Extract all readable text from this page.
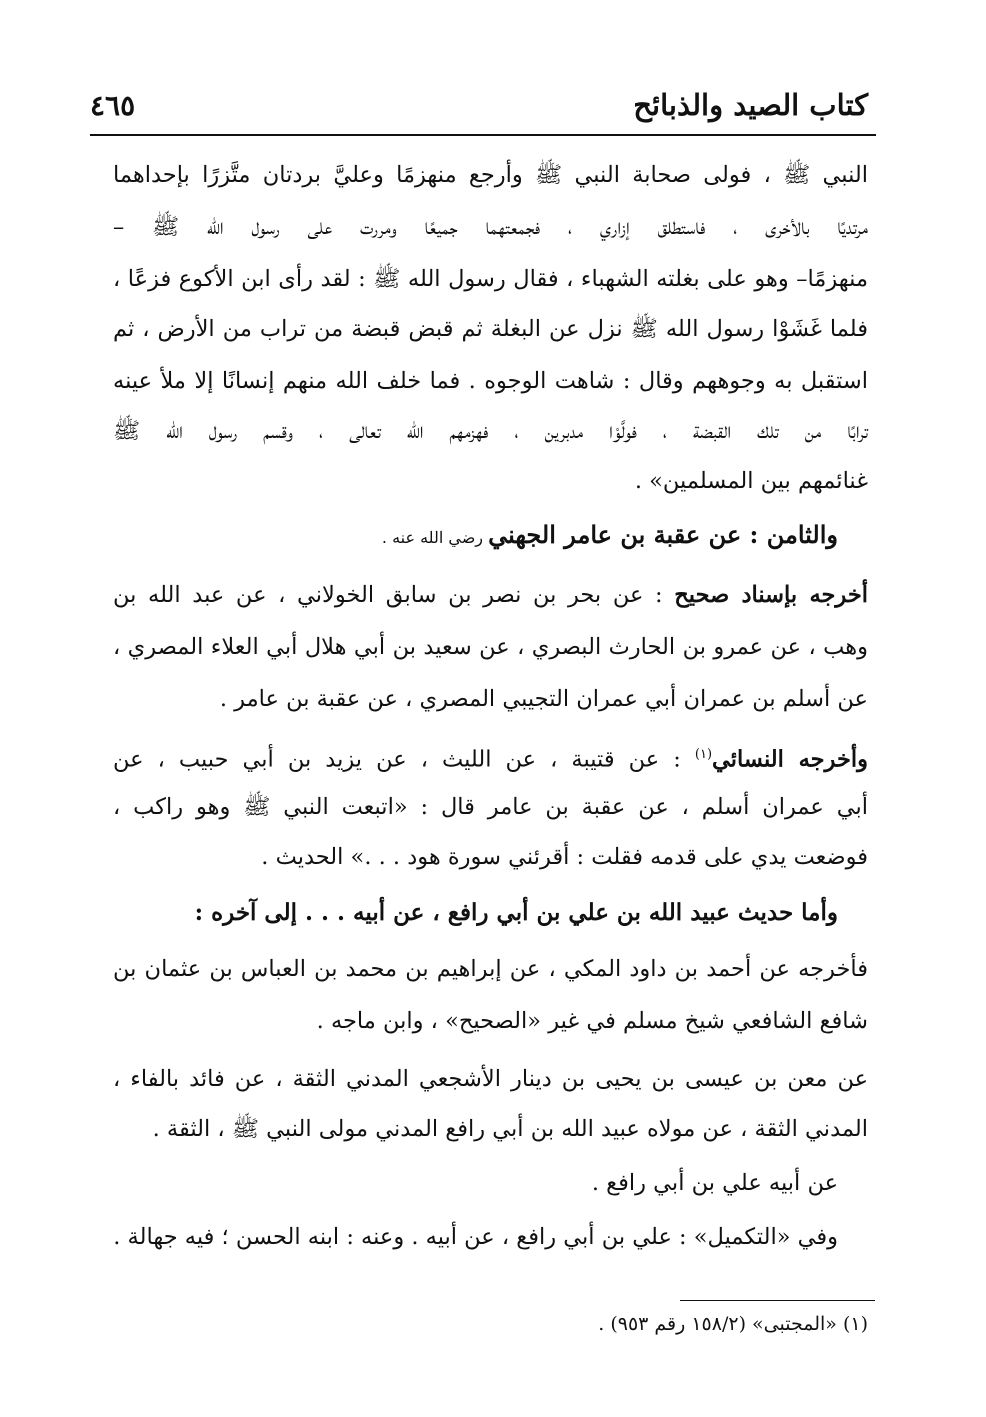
كتاب الصيد والذبائح
٤٦٥
النبي ﷺ ، فولى صحابة النبي ﷺ وأرجع منهزمًا وعليَّ بردتان متَّزرًا بإحداهما
مرتديًا بالأخرى ، فاستطلق إزاري ، فجمعتهما جميعًا ومررت على رسول الله ﷺ –
منهزمًا– وهو على بغلته الشهباء ، فقال رسول الله ﷺ : لقد رأى ابن الأكوع فزعًا ،
فلما غَشَوْا رسول الله ﷺ نزل عن البغلة ثم قبض قبضة من تراب من الأرض ، ثم
استقبل به وجوههم وقال : شاهت الوجوه . فما خلف الله منهم إنسانًا إلا ملأ عينه
ترابًا من تلك القبضة ، فولَّوْا مدبرين ، فهزمهم الله تعالى ، وقسم رسول الله ﷺ
غنائمهم بين المسلمين» .
والثامن : عن عقبة بن عامر الجهني رضي الله عنه .
أخرجه بإسناد صحيح : عن بحر بن نصر بن سابق الخولاني ، عن عبد الله بن
وهب ، عن عمرو بن الحارث البصري ، عن سعيد بن أبي هلال أبي العلاء المصري ،
عن أسلم بن عمران أبي عمران التجيبي المصري ، عن عقبة بن عامر .
وأخرجه النسائي$^{(١)}$ : عن قتيبة ، عن الليث ، عن يزيد بن أبي حبيب ، عن
أبي عمران أسلم ، عن عقبة بن عامر قال : «اتبعت النبي ﷺ وهو راكب ،
فوضعت يدي على قدمه فقلت : أقرئني سورة هود . . .» الحديث .
وأما حديث عبيد الله بن علي بن أبي رافع ، عن أبيه . . . إلى آخره :
فأخرجه عن أحمد بن داود المكي ، عن إبراهيم بن محمد بن العباس بن عثمان بن
شافع الشافعي شيخ مسلم في غير «الصحيح» ، وابن ماجه .
عن معن بن عيسى بن يحيى بن دينار الأشجعي المدني الثقة ، عن فائد بالفاء ،
المدني الثقة ، عن مولاه عبيد الله بن أبي رافع المدني مولى النبي ﷺ ، الثقة .
عن أبيه علي بن أبي رافع .
وفي «التكميل» : علي بن أبي رافع ، عن أبيه . وعنه : ابنه الحسن ؛ فيه جهالة .
(١) «المجتبى» (١٥٨/٢ رقم ٩٥٣) .
